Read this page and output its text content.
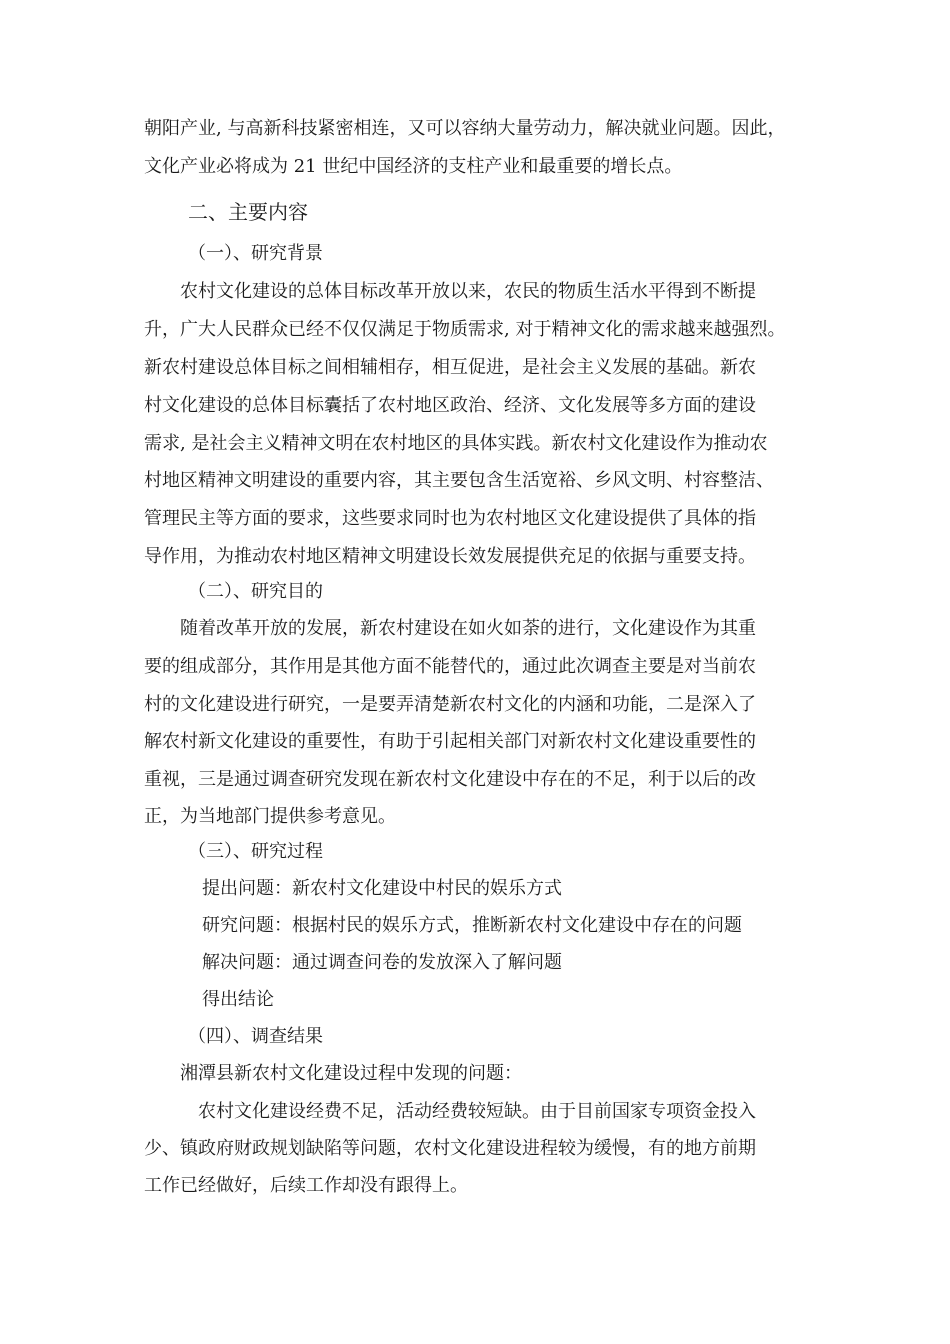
朝阳产业, 与高新科技紧密相连，又可以容纳大量劳动力，解决就业问题。因此，
文化产业必将成为 21 世纪中国经济的支柱产业和最重要的增长点。
二、主要内容
（一）、研究背景
农村文化建设的总体目标改革开放以来，农民的物质生活水平得到不断提
升，广大人民群众已经不仅仅满足于物质需求, 对于精神文化的需求越来越强烈。
新农村建设总体目标之间相辅相存，相互促进，是社会主义发展的基础。新农
村文化建设的总体目标囊括了农村地区政治、经济、文化发展等多方面的建设
需求, 是社会主义精神文明在农村地区的具体实践。新农村文化建设作为推动农
村地区精神文明建设的重要内容，其主要包含生活宽裕、乡风文明、村容整洁、
管理民主等方面的要求，这些要求同时也为农村地区文化建设提供了具体的指
导作用，为推动农村地区精神文明建设长效发展提供充足的依据与重要支持。
（二）、研究目的
随着改革开放的发展，新农村建设在如火如荼的进行，文化建设作为其重
要的组成部分，其作用是其他方面不能替代的，通过此次调查主要是对当前农
村的文化建设进行研究，一是要弄清楚新农村文化的内涵和功能，二是深入了
解农村新文化建设的重要性，有助于引起相关部门对新农村文化建设重要性的
重视，三是通过调查研究发现在新农村文化建设中存在的不足，利于以后的改
正，为当地部门提供参考意见。
（三）、研究过程
提出问题：新农村文化建设中村民的娱乐方式
研究问题：根据村民的娱乐方式，推断新农村文化建设中存在的问题
解决问题：通过调查问卷的发放深入了解问题
得出结论
（四）、调查结果
湘潭县新农村文化建设过程中发现的问题：
农村文化建设经费不足，活动经费较短缺。由于目前国家专项资金投入
少、镇政府财政规划缺陷等问题，农村文化建设进程较为缓慢，有的地方前期
工作已经做好，后续工作却没有跟得上。
